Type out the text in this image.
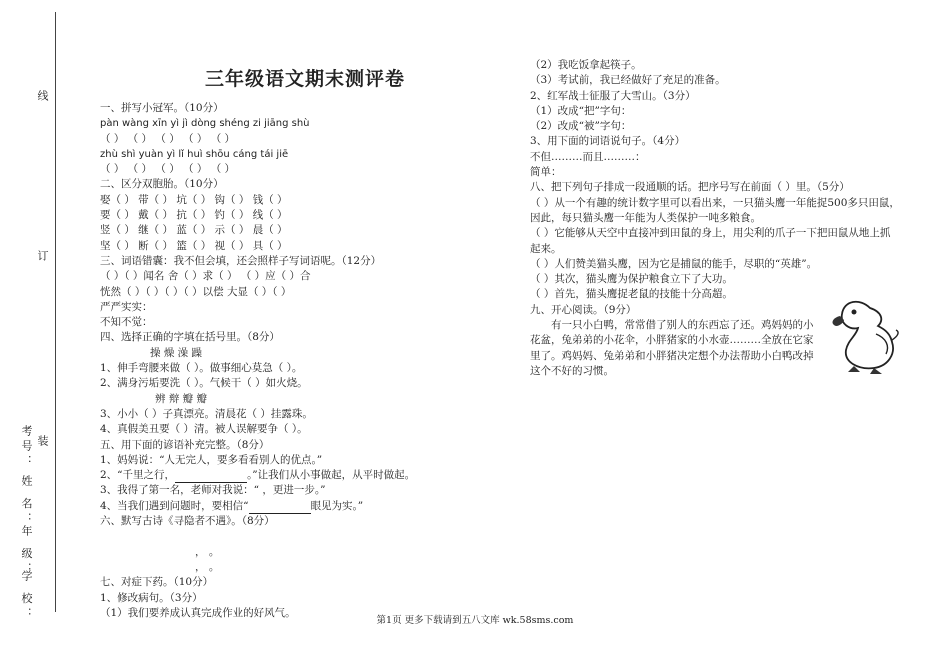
线
订
装
考号：
姓 名：
年 级：
学 校：
三年级语文期末测评卷
一、拼写小冠军。（10分）
pàn wàng xīn yì jì dòng shéng zi jiāng shù
（ ） （ ） （ ） （ ） （ ）
zhù shì yuàn yì lǐ huì shōu cáng tái jiē
（ ） （ ） （ ） （ ） （ ）
二、区分双胞胎。（10分）
娶（ ） 带（ ） 坑（ ） 钩（ ） 钱（ ）
要（ ） 戴（ ） 抗（ ） 钓（ ） 线（ ）
竖（ ） 继（ ） 蓝（ ） 示（ ） 晨（ ）
坚（ ） 断（ ） 篮（ ） 视（ ） 具（ ）
三、词语错囊：我不但会填，还会照样子写词语呢。（12分）
（ ）（ ）闻名 舍（ ）求（ ） （ ）应（ ）合
恍然（ ）（ ）（ ）（ ）以偿 大显（ ）（ ）
严严实实：
不知不觉：
四、选择正确的字填在括号里。（8分）
操 燥 澡 躁
1、伸手弯腰来做（ ）。做事细心莫急（ ）。
2、满身污垢要洗（ ）。气候干（ ）如火烧。
辨 辩 瓣 瓣
3、小小（ ）子真漂亮。清晨花（ ）挂露珠。
4、真假美丑要（ ）清。被人误解要争（ ）。
五、用下面的谚语补充完整。（8分）
1、妈妈说：“人无完人，要多看看别人的优点。”
2、“千里之行，	。”让我们从小事做起，从平时做起。
3、我得了第一名，老师对我说：“ ，更进一步。”
4、当我们遇到问题时，要相信“	眼见为实。”
六、默写古诗《寻隐者不遇》。（8分）
， 。
， 。
七、对症下药。（10分）
1、修改病句。（3分）
（1）我们要养成认真完成作业的好风气。
（2）我吃饭拿起筷子。
（3）考试前，我已经做好了充足的准备。
2、红军战士征服了大雪山。（3分）
（1）改成“把”字句：
（2）改成“被”字句：
3、用下面的词语说句子。（4分）
不但………而且………：
简单：
八、把下列句子排成一段通顺的话。把序号写在前面（ ）里。（5分）
（ ）从一个有趣的统计数字里可以看出来，一只猫头鹰一年能捉500多只田鼠，因此，每只猫头鹰一年能为人类保护一吨多粮食。
（ ）它能够从天空中直接冲到田鼠的身上，用尖利的爪子一下把田鼠从地上抓起来。
（ ）人们赞美猫头鹰，因为它是捕鼠的能手，尽职的“英雄”。
（ ）其次，猫头鹰为保护粮食立下了大功。
（ ）首先，猫头鹰捉老鼠的技能十分高超。
九、开心阅读。（9分）
有一只小白鸭，常常借了别人的东西忘了还。鸡妈妈的小花盆，兔弟弟的小花伞，小胖猪家的小水壶………全放在它家里了。鸡妈妈、兔弟弟和小胖猪决定想个办法帮助小白鸭改掉这个不好的习惯。
第1页 更多下载请到五八文库 wk.58sms.com
